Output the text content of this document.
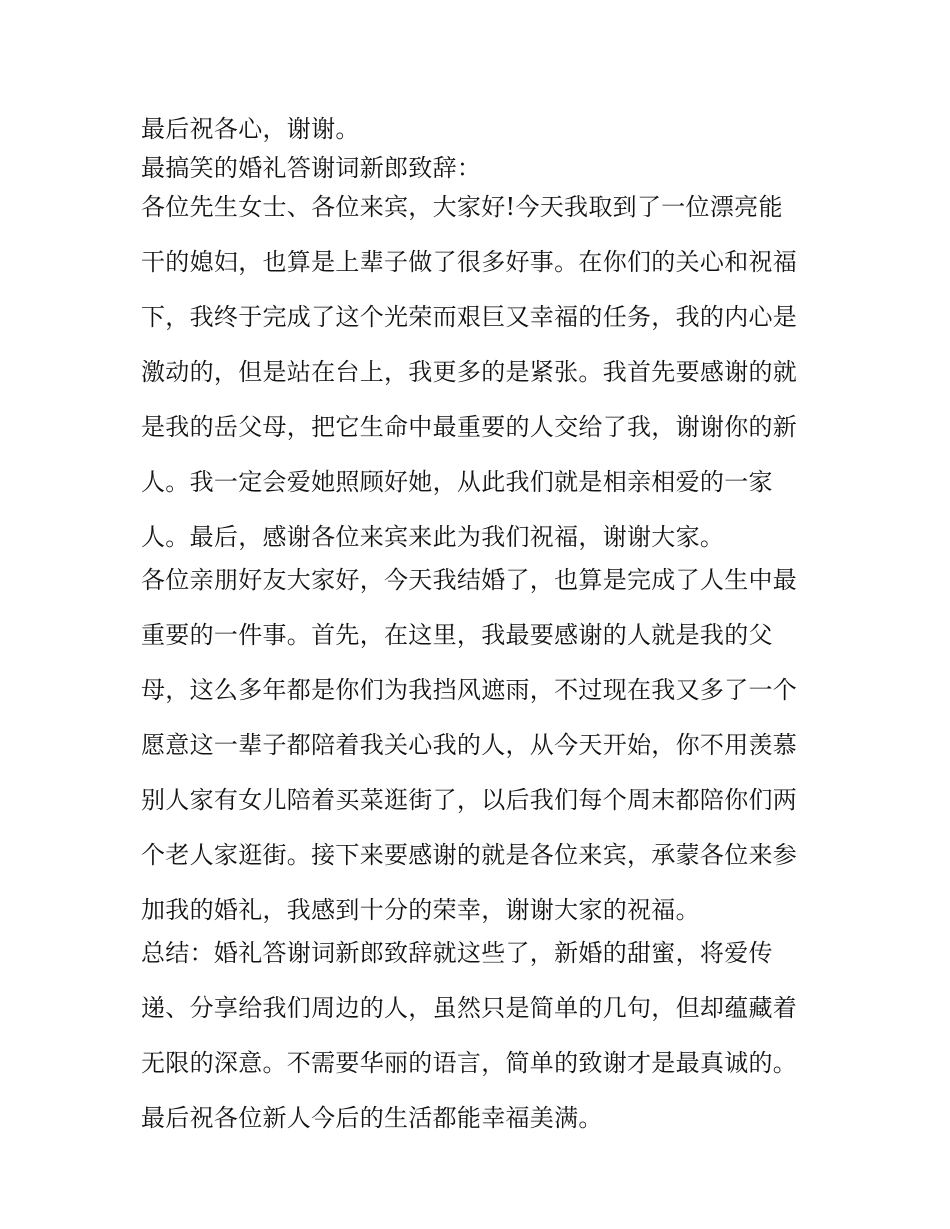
最后祝各心，谢谢。
最搞笑的婚礼答谢词新郎致辞：
各位先生女士、各位来宾，大家好!今天我取到了一位漂亮能
干的媳妇，也算是上辈子做了很多好事。在你们的关心和祝福
下，我终于完成了这个光荣而艰巨又幸福的任务，我的内心是
激动的，但是站在台上，我更多的是紧张。我首先要感谢的就
是我的岳父母，把它生命中最重要的人交给了我，谢谢你的新
人。我一定会爱她照顾好她，从此我们就是相亲相爱的一家
人。最后，感谢各位来宾来此为我们祝福，谢谢大家。
各位亲朋好友大家好，今天我结婚了，也算是完成了人生中最
重要的一件事。首先，在这里，我最要感谢的人就是我的父
母，这么多年都是你们为我挡风遮雨，不过现在我又多了一个
愿意这一辈子都陪着我关心我的人，从今天开始，你不用羡慕
别人家有女儿陪着买菜逛街了，以后我们每个周末都陪你们两
个老人家逛街。接下来要感谢的就是各位来宾，承蒙各位来参
加我的婚礼，我感到十分的荣幸，谢谢大家的祝福。
总结：婚礼答谢词新郎致辞就这些了，新婚的甜蜜，将爱传
递、分享给我们周边的人，虽然只是简单的几句，但却蕴藏着
无限的深意。不需要华丽的语言，简单的致谢才是最真诚的。
最后祝各位新人今后的生活都能幸福美满。
